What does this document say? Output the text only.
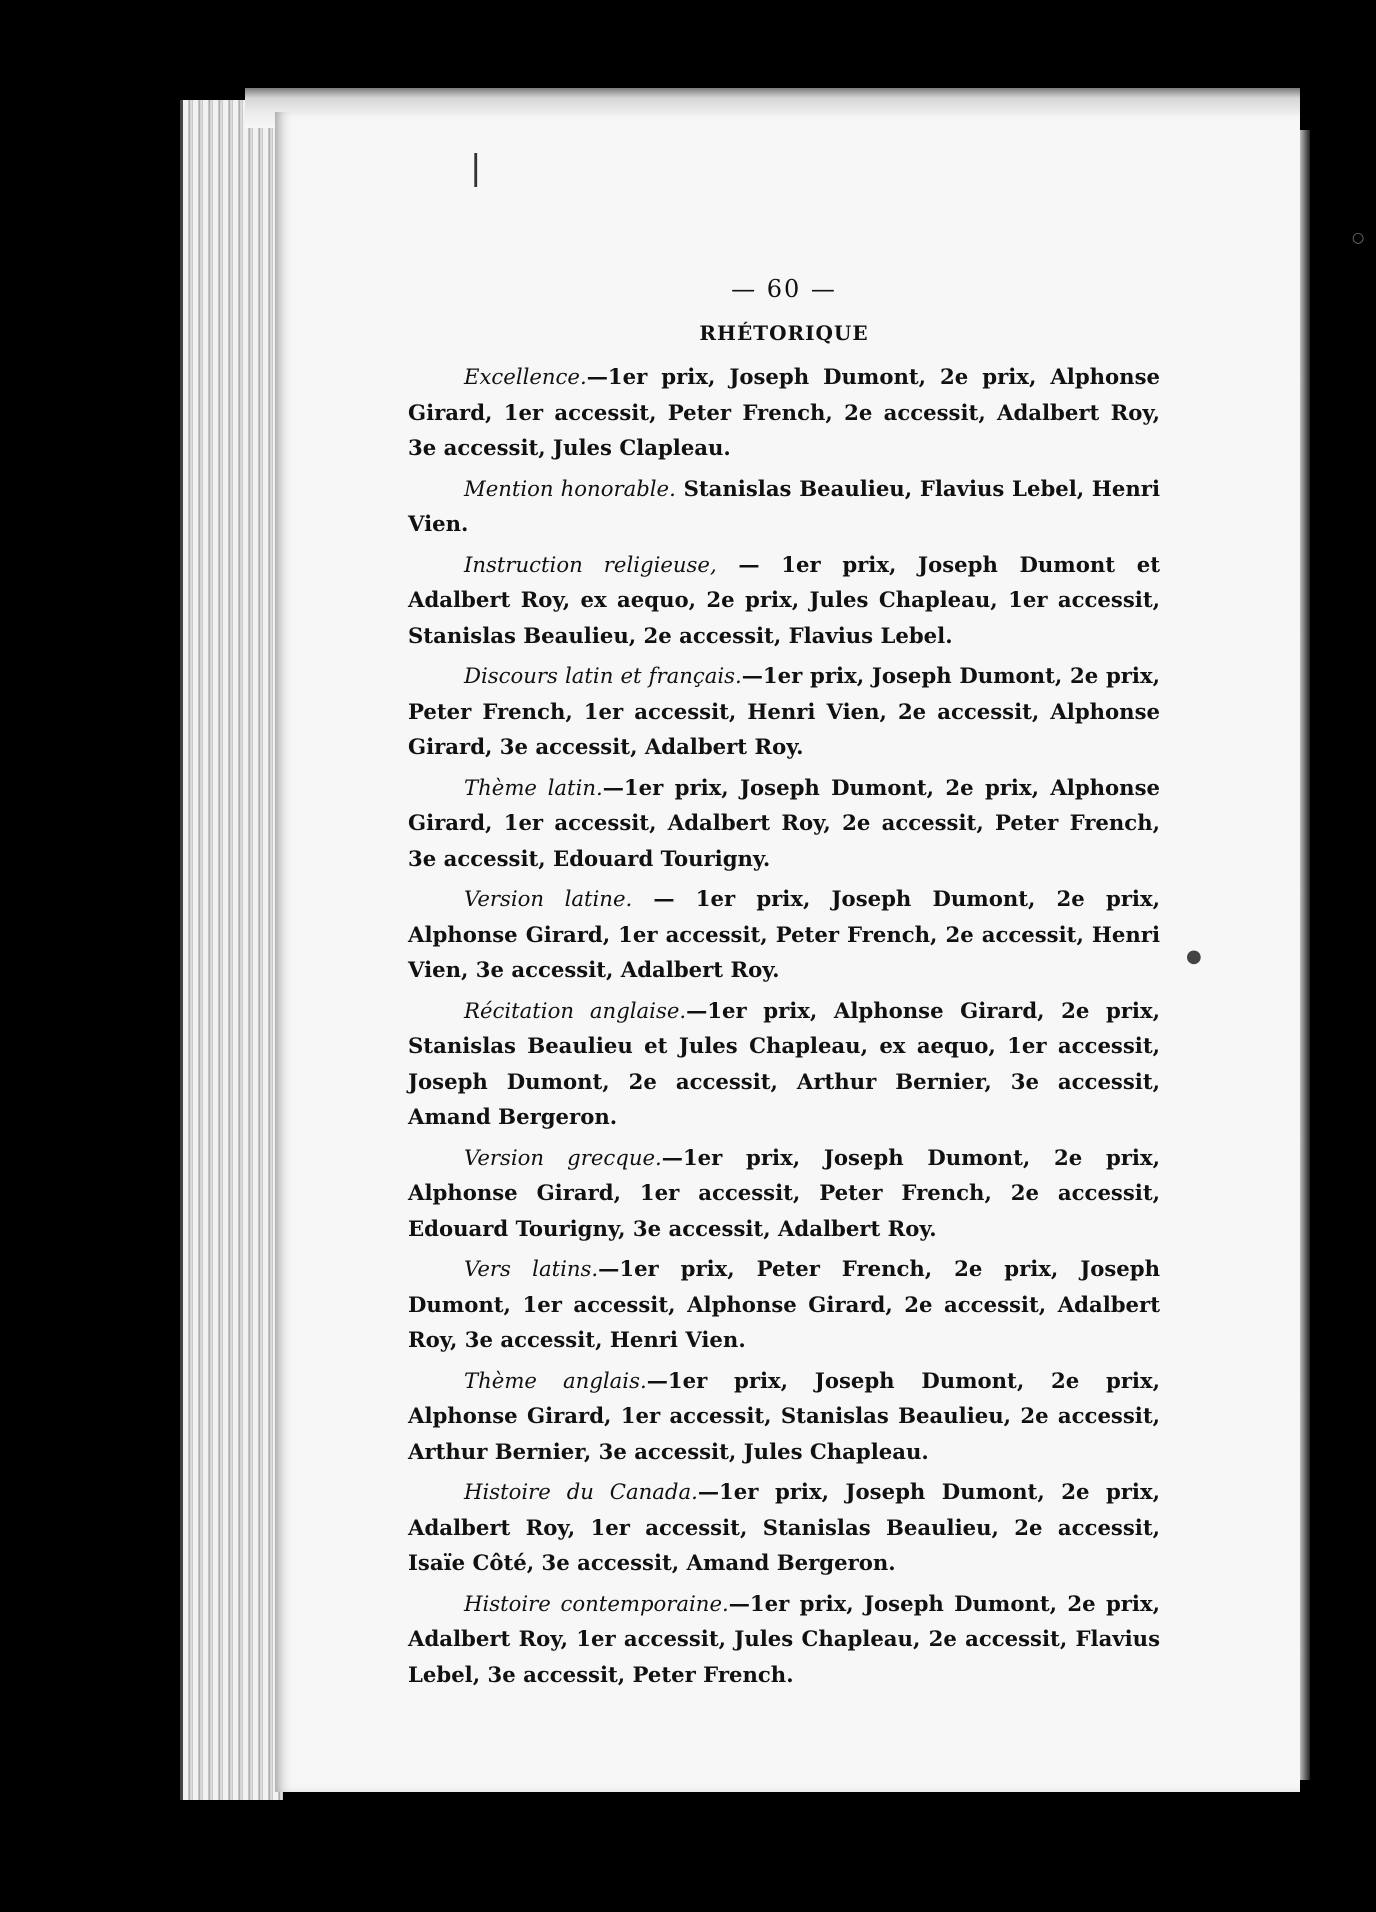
|
○
●
— 60 —
RHÉTORIQUE

Excellence.—1er prix, Joseph Dumont, 2e prix, Alphonse Girard, 1er accessit, Peter French, 2e accessit, Adalbert Roy, 3e accessit, Jules Clapleau.

Mention honorable. Stanislas Beaulieu, Flavius Lebel, Henri Vien.

Instruction religieuse, — 1er prix, Joseph Dumont et Adalbert Roy, ex aequo, 2e prix, Jules Chapleau, 1er accessit, Stanislas Beaulieu, 2e accessit, Flavius Lebel.

Discours latin et français.—1er prix, Joseph Dumont, 2e prix, Peter French, 1er accessit, Henri Vien, 2e accessit, Alphonse Girard, 3e accessit, Adalbert Roy.

Thème latin.—1er prix, Joseph Dumont, 2e prix, Alphonse Girard, 1er accessit, Adalbert Roy, 2e accessit, Peter French, 3e accessit, Edouard Tourigny.

Version latine. — 1er prix, Joseph Dumont, 2e prix, Alphonse Girard, 1er accessit, Peter French, 2e accessit, Henri Vien, 3e accessit, Adalbert Roy.

Récitation anglaise.—1er prix, Alphonse Girard, 2e prix, Stanislas Beaulieu et Jules Chapleau, ex aequo, 1er accessit, Joseph Dumont, 2e accessit, Arthur Bernier, 3e accessit, Amand Bergeron.

Version grecque.—1er prix, Joseph Dumont, 2e prix, Alphonse Girard, 1er accessit, Peter French, 2e accessit, Edouard Tourigny, 3e accessit, Adalbert Roy.

Vers latins.—1er prix, Peter French, 2e prix, Joseph Dumont, 1er accessit, Alphonse Girard, 2e accessit, Adalbert Roy, 3e accessit, Henri Vien.

Thème anglais.—1er prix, Joseph Dumont, 2e prix, Alphonse Girard, 1er accessit, Stanislas Beaulieu, 2e accessit, Arthur Bernier, 3e accessit, Jules Chapleau.

Histoire du Canada.—1er prix, Joseph Dumont, 2e prix, Adalbert Roy, 1er accessit, Stanislas Beaulieu, 2e accessit, Isaïe Côté, 3e accessit, Amand Bergeron.

Histoire contemporaine.—1er prix, Joseph Dumont, 2e prix, Adalbert Roy, 1er accessit, Jules Chapleau, 2e accessit, Flavius Lebel, 3e accessit, Peter French.
